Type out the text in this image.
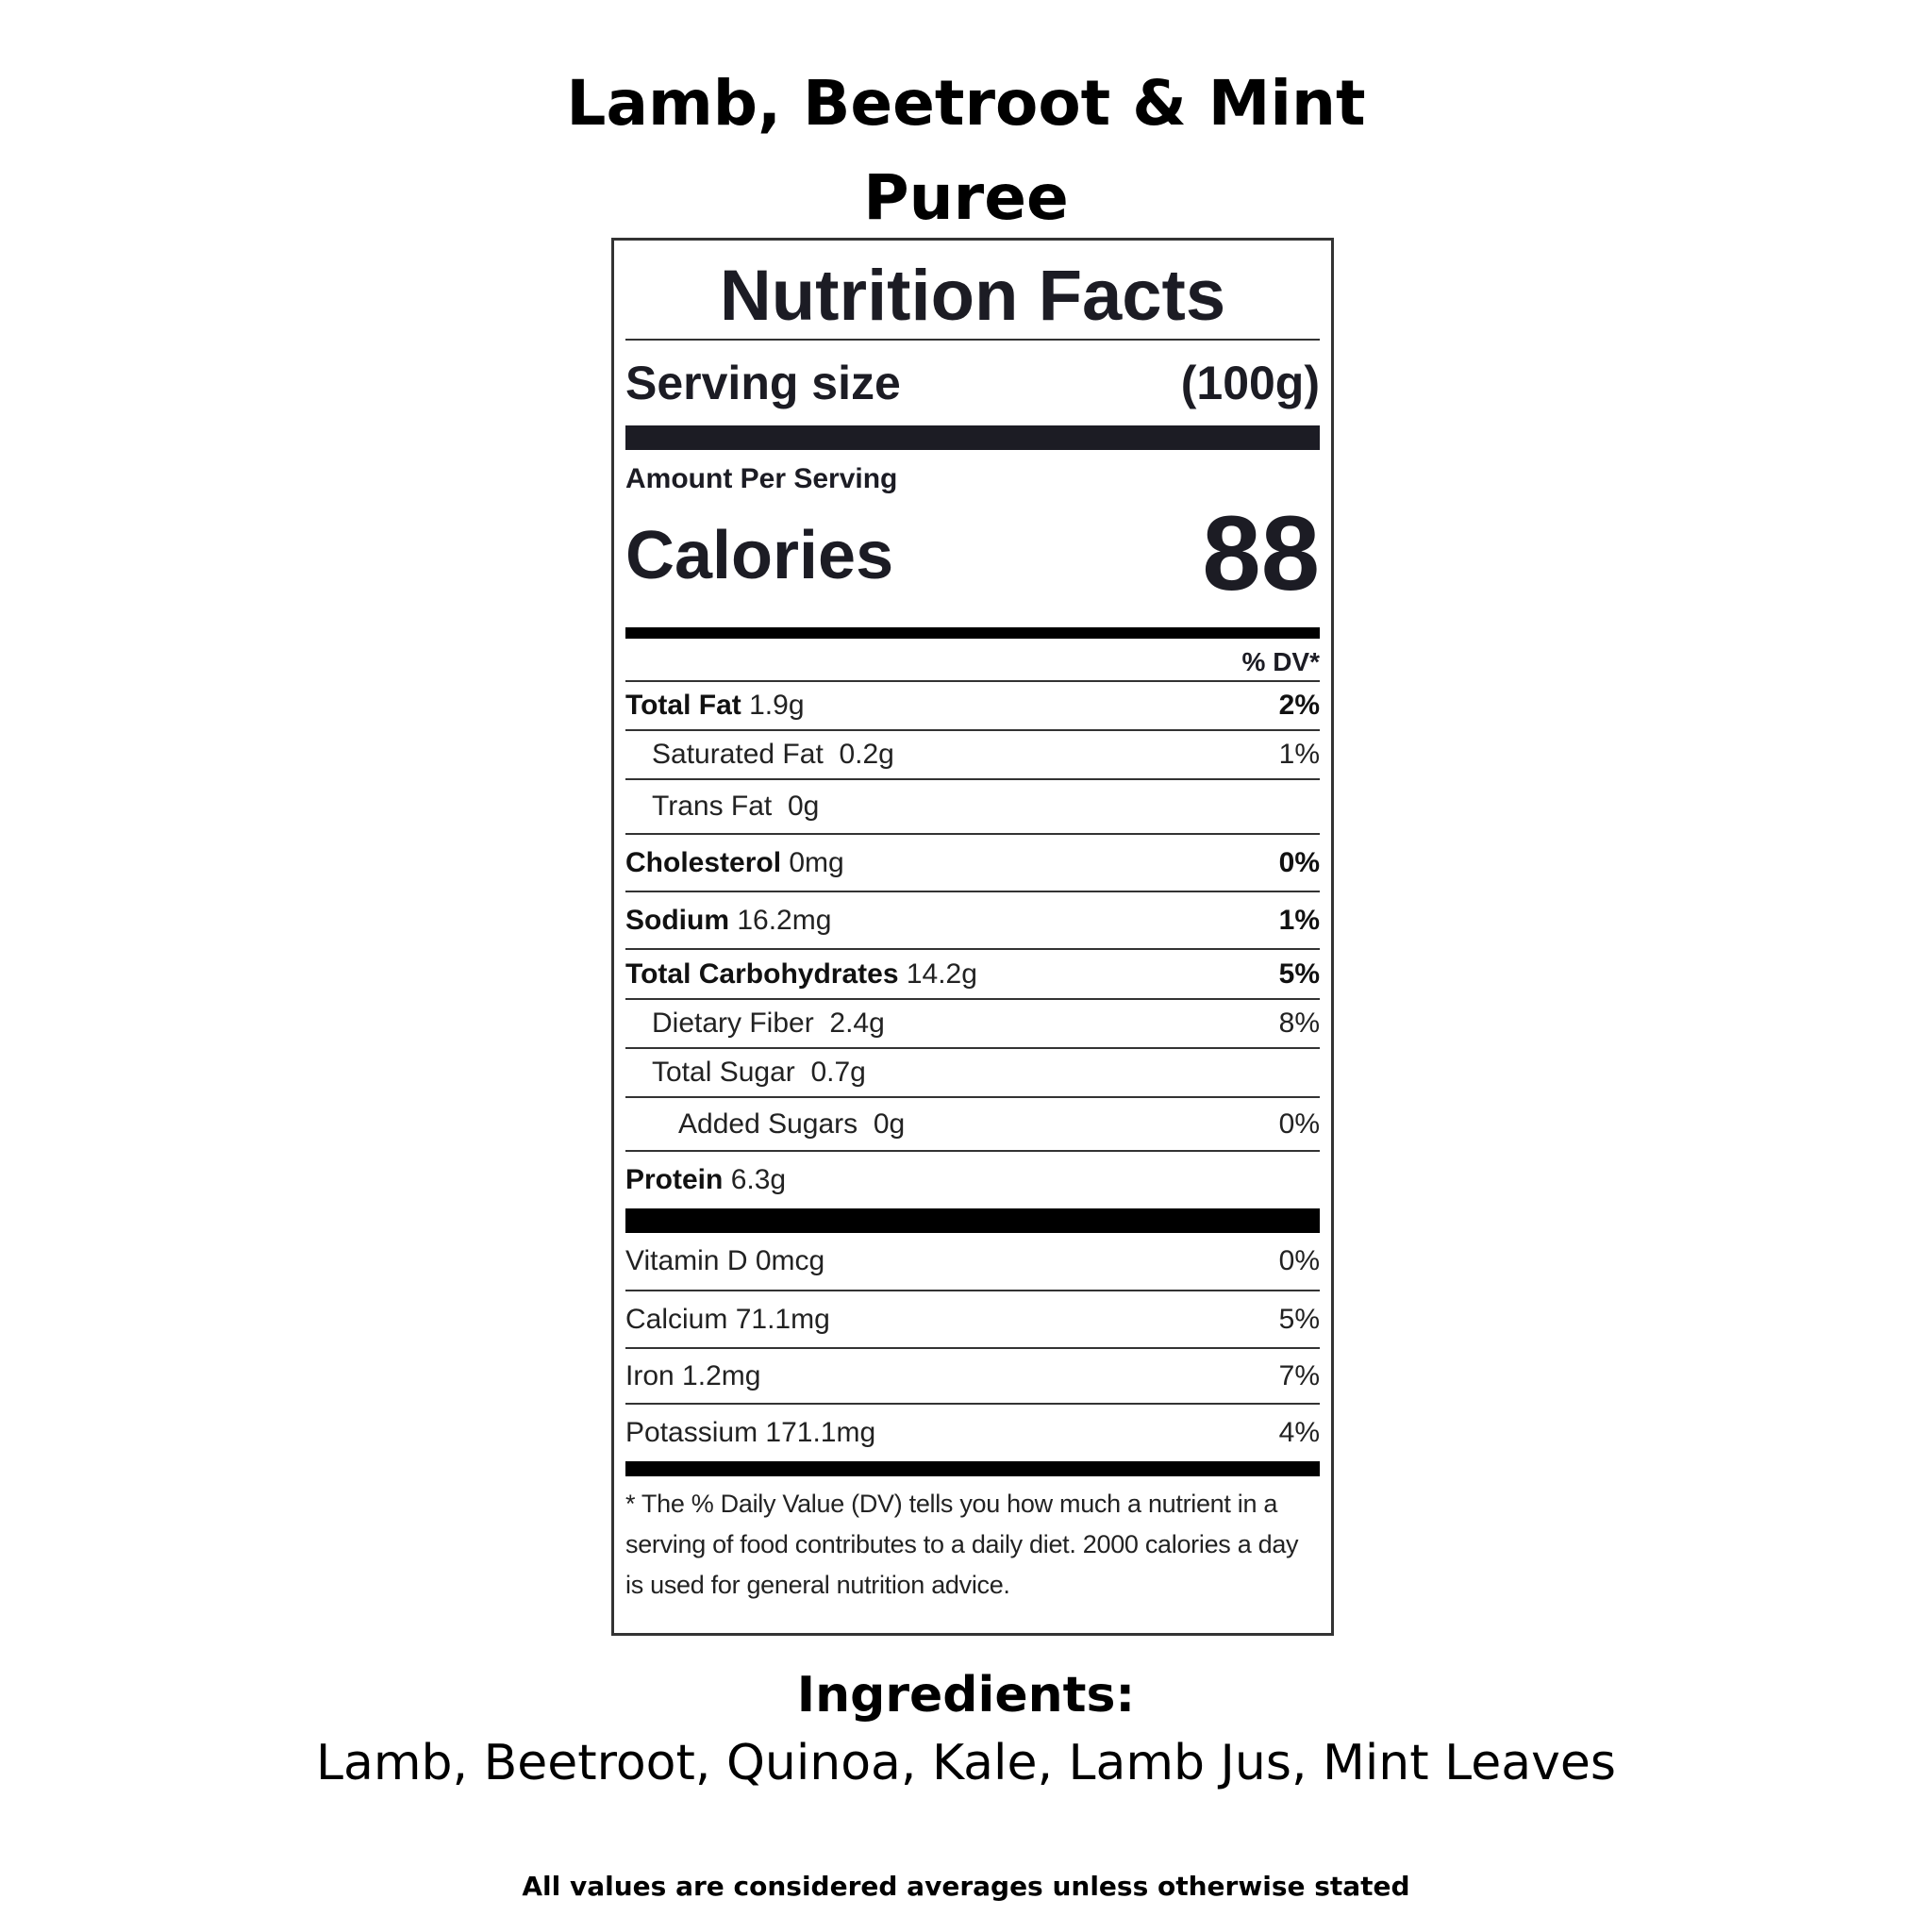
Lamb, Beetroot & Mint
Puree
Nutrition Facts
Serving size	(100g)
Amount Per Serving
Calories	88
% DV*
Total Fat 1.9g	2%
Saturated Fat 0.2g	1%
Trans Fat 0g
Cholesterol 0mg	0%
Sodium 16.2mg	1%
Total Carbohydrates 14.2g	5%
Dietary Fiber 2.4g	8%
Total Sugar 0.7g
Added Sugars 0g	0%
Protein 6.3g
Vitamin D 0mcg	0%
Calcium 71.1mg	5%
Iron 1.2mg	7%
Potassium 171.1mg	4%
* The % Daily Value (DV) tells you how much a nutrient in a serving of food contributes to a daily diet. 2000 calories a day is used for general nutrition advice.
Ingredients:
Lamb, Beetroot, Quinoa, Kale, Lamb Jus, Mint Leaves
All values are considered averages unless otherwise stated
